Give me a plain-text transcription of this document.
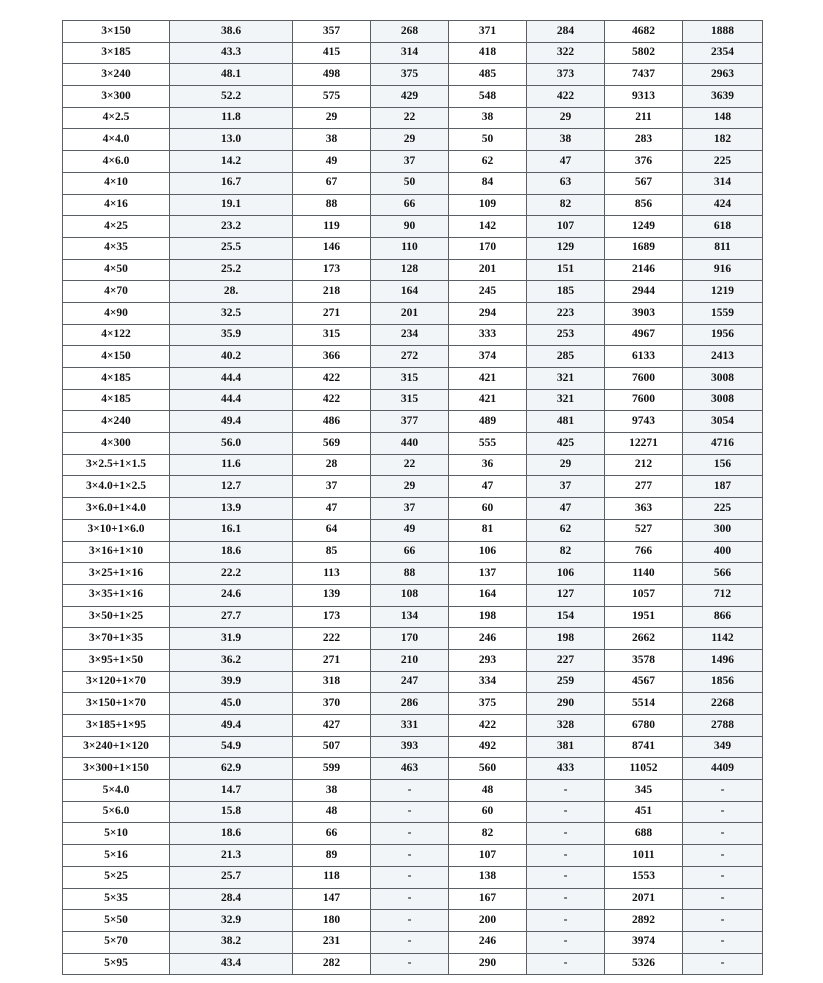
3×150	38.6	357	268	371	284	4682	1888
3×185	43.3	415	314	418	322	5802	2354
3×240	48.1	498	375	485	373	7437	2963
3×300	52.2	575	429	548	422	9313	3639
4×2.5	11.8	29	22	38	29	211	148
4×4.0	13.0	38	29	50	38	283	182
4×6.0	14.2	49	37	62	47	376	225
4×10	16.7	67	50	84	63	567	314
4×16	19.1	88	66	109	82	856	424
4×25	23.2	119	90	142	107	1249	618
4×35	25.5	146	110	170	129	1689	811
4×50	25.2	173	128	201	151	2146	916
4×70	28.	218	164	245	185	2944	1219
4×90	32.5	271	201	294	223	3903	1559
4×122	35.9	315	234	333	253	4967	1956
4×150	40.2	366	272	374	285	6133	2413
4×185	44.4	422	315	421	321	7600	3008
4×185	44.4	422	315	421	321	7600	3008
4×240	49.4	486	377	489	481	9743	3054
4×300	56.0	569	440	555	425	12271	4716
3×2.5+1×1.5	11.6	28	22	36	29	212	156
3×4.0+1×2.5	12.7	37	29	47	37	277	187
3×6.0+1×4.0	13.9	47	37	60	47	363	225
3×10+1×6.0	16.1	64	49	81	62	527	300
3×16+1×10	18.6	85	66	106	82	766	400
3×25+1×16	22.2	113	88	137	106	1140	566
3×35+1×16	24.6	139	108	164	127	1057	712
3×50+1×25	27.7	173	134	198	154	1951	866
3×70+1×35	31.9	222	170	246	198	2662	1142
3×95+1×50	36.2	271	210	293	227	3578	1496
3×120+1×70	39.9	318	247	334	259	4567	1856
3×150+1×70	45.0	370	286	375	290	5514	2268
3×185+1×95	49.4	427	331	422	328	6780	2788
3×240+1×120	54.9	507	393	492	381	8741	349
3×300+1×150	62.9	599	463	560	433	11052	4409
5×4.0	14.7	38	-	48	-	345	-
5×6.0	15.8	48	-	60	-	451	-
5×10	18.6	66	-	82	-	688	-
5×16	21.3	89	-	107	-	1011	-
5×25	25.7	118	-	138	-	1553	-
5×35	28.4	147	-	167	-	2071	-
5×50	32.9	180	-	200	-	2892	-
5×70	38.2	231	-	246	-	3974	-
5×95	43.4	282	-	290	-	5326	-
